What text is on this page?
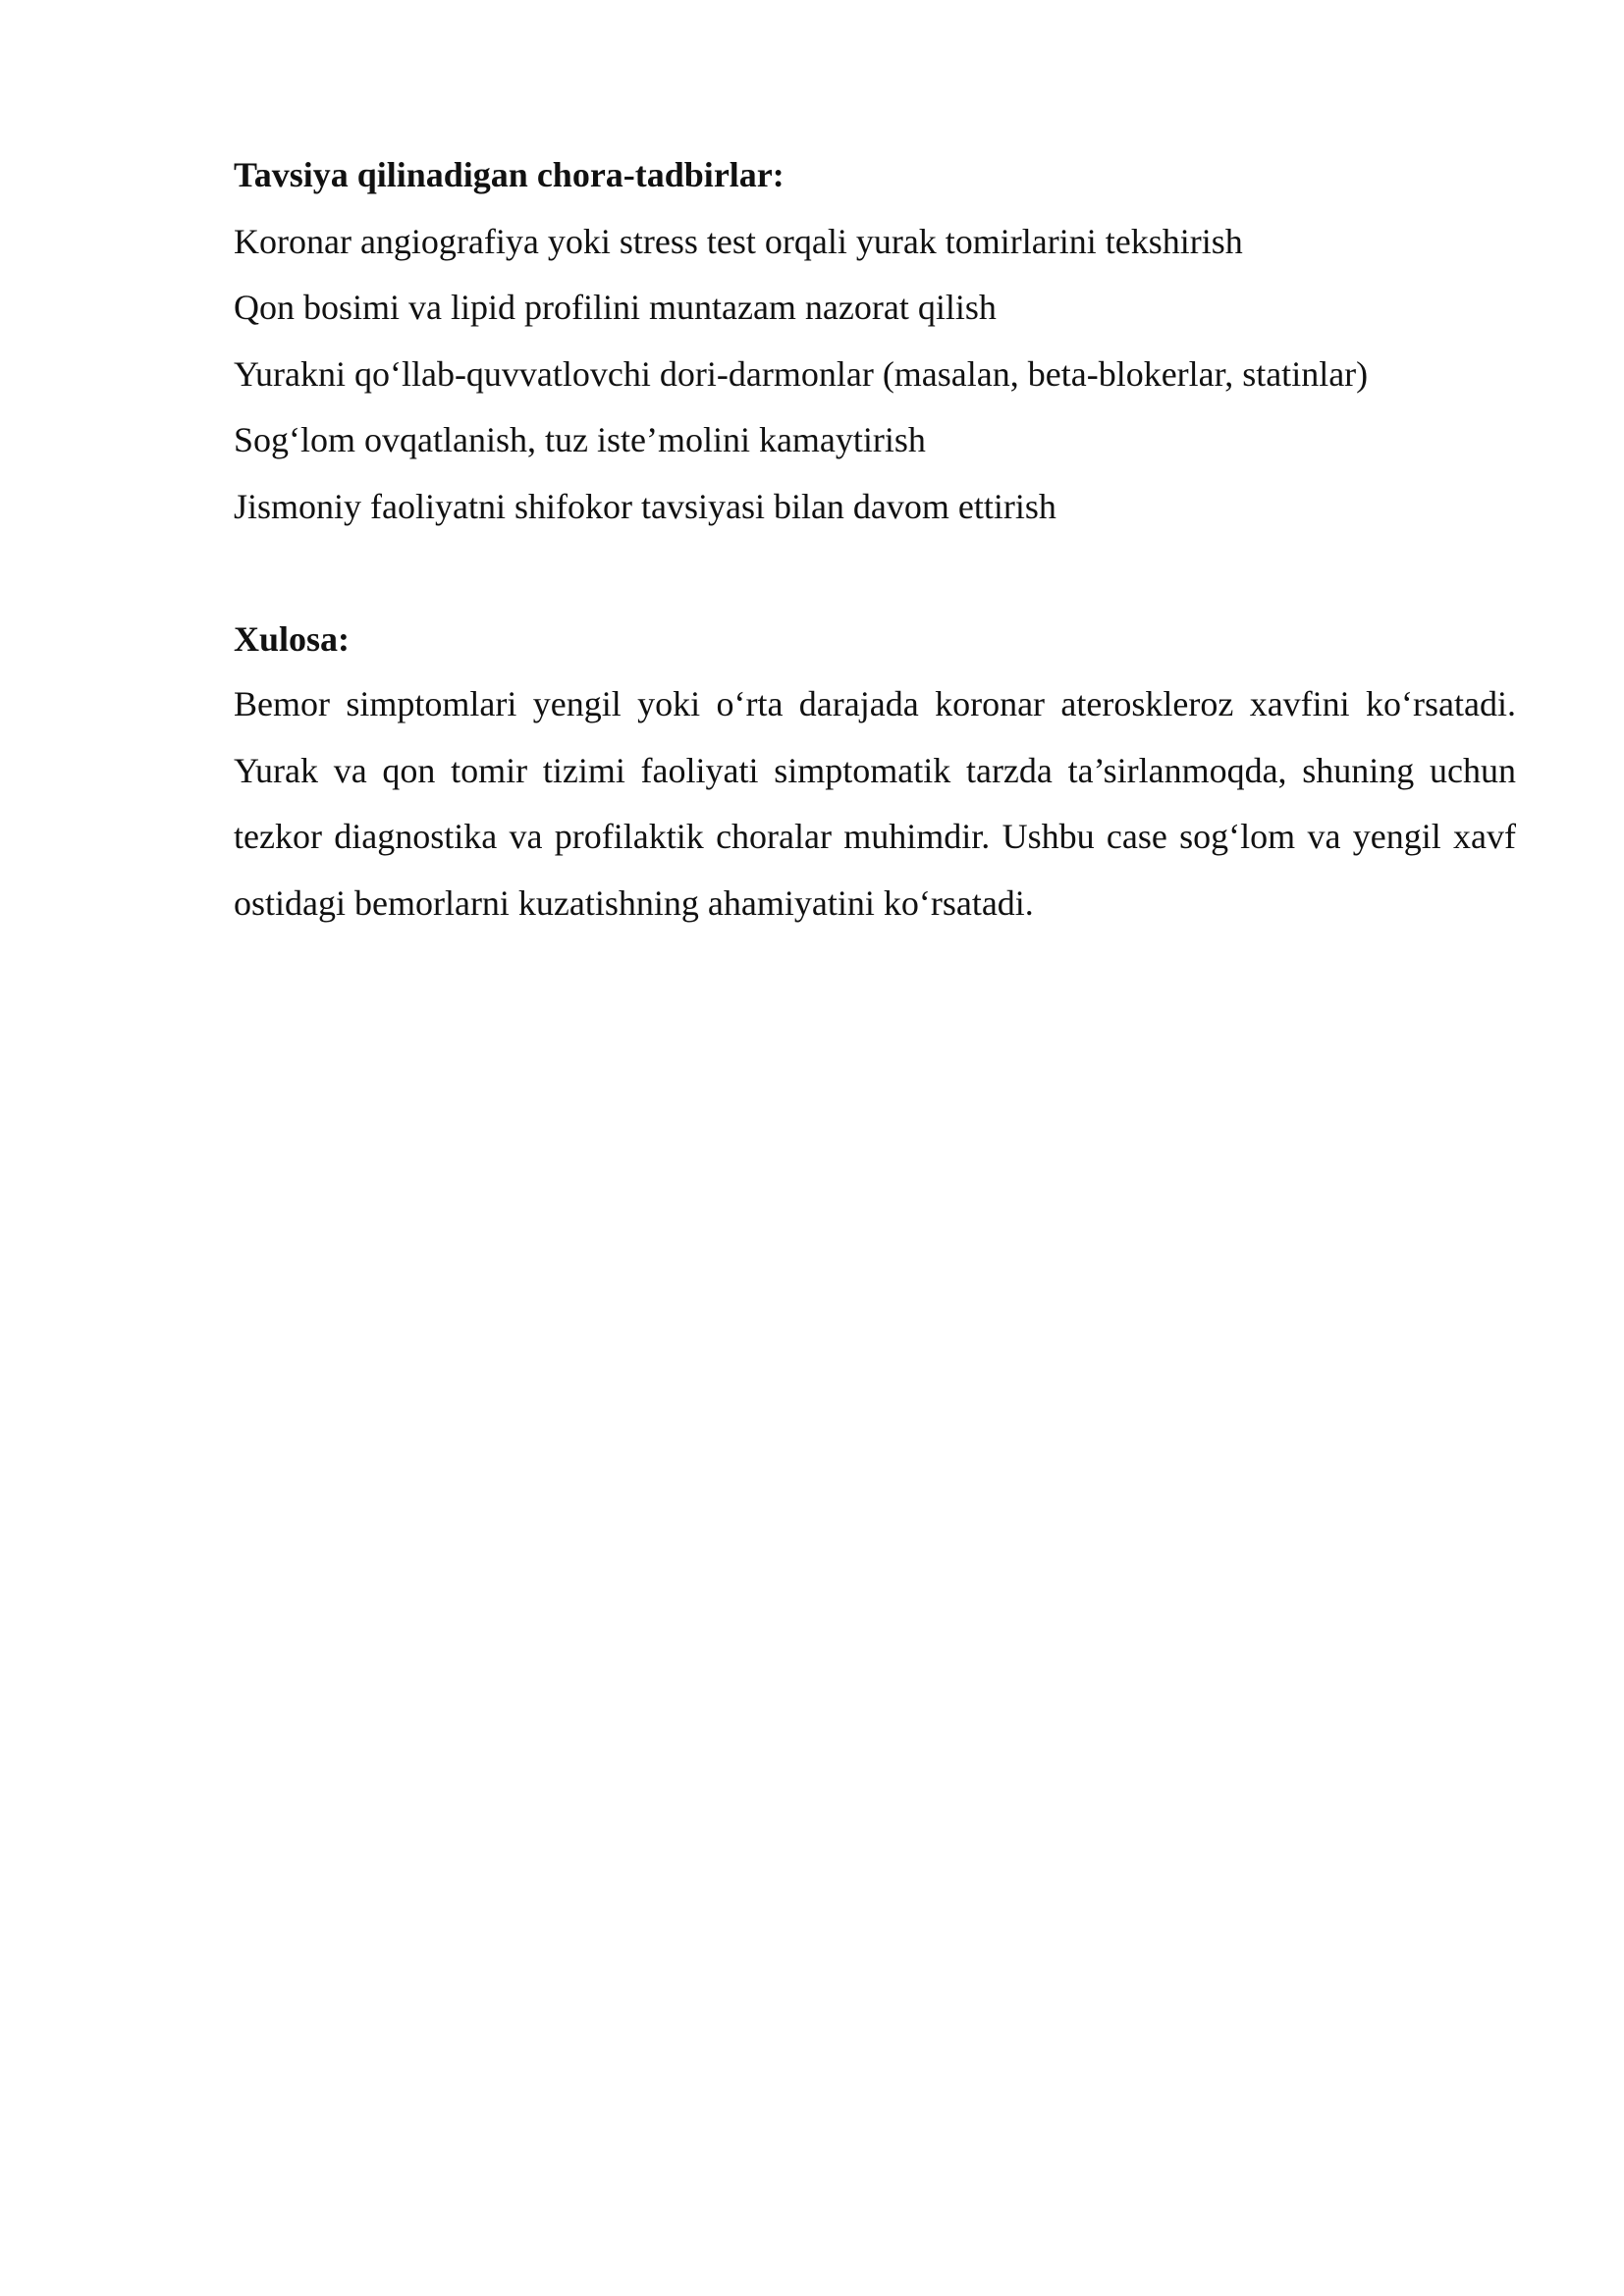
Tavsiya qilinadigan chora-tadbirlar:

Koronar angiografiya yoki stress test orqali yurak tomirlarini tekshirish

Qon bosimi va lipid profilini muntazam nazorat qilish

Yurakni qo‘llab-quvvatlovchi dori-darmonlar (masalan, beta-blokerlar, statinlar)

Sog‘lom ovqatlanish, tuz iste’molini kamaytirish

Jismoniy faoliyatni shifokor tavsiyasi bilan davom ettirish

Xulosa:

Bemor simptomlari yengil yoki o‘rta darajada koronar ateroskleroz xavfini ko‘rsatadi. Yurak va qon tomir tizimi faoliyati simptomatik tarzda ta’sirlanmoqda, shuning uchun tezkor diagnostika va profilaktik choralar muhimdir. Ushbu case sog‘lom va yengil xavf ostidagi bemorlarni kuzatishning ahamiyatini ko‘rsatadi.
